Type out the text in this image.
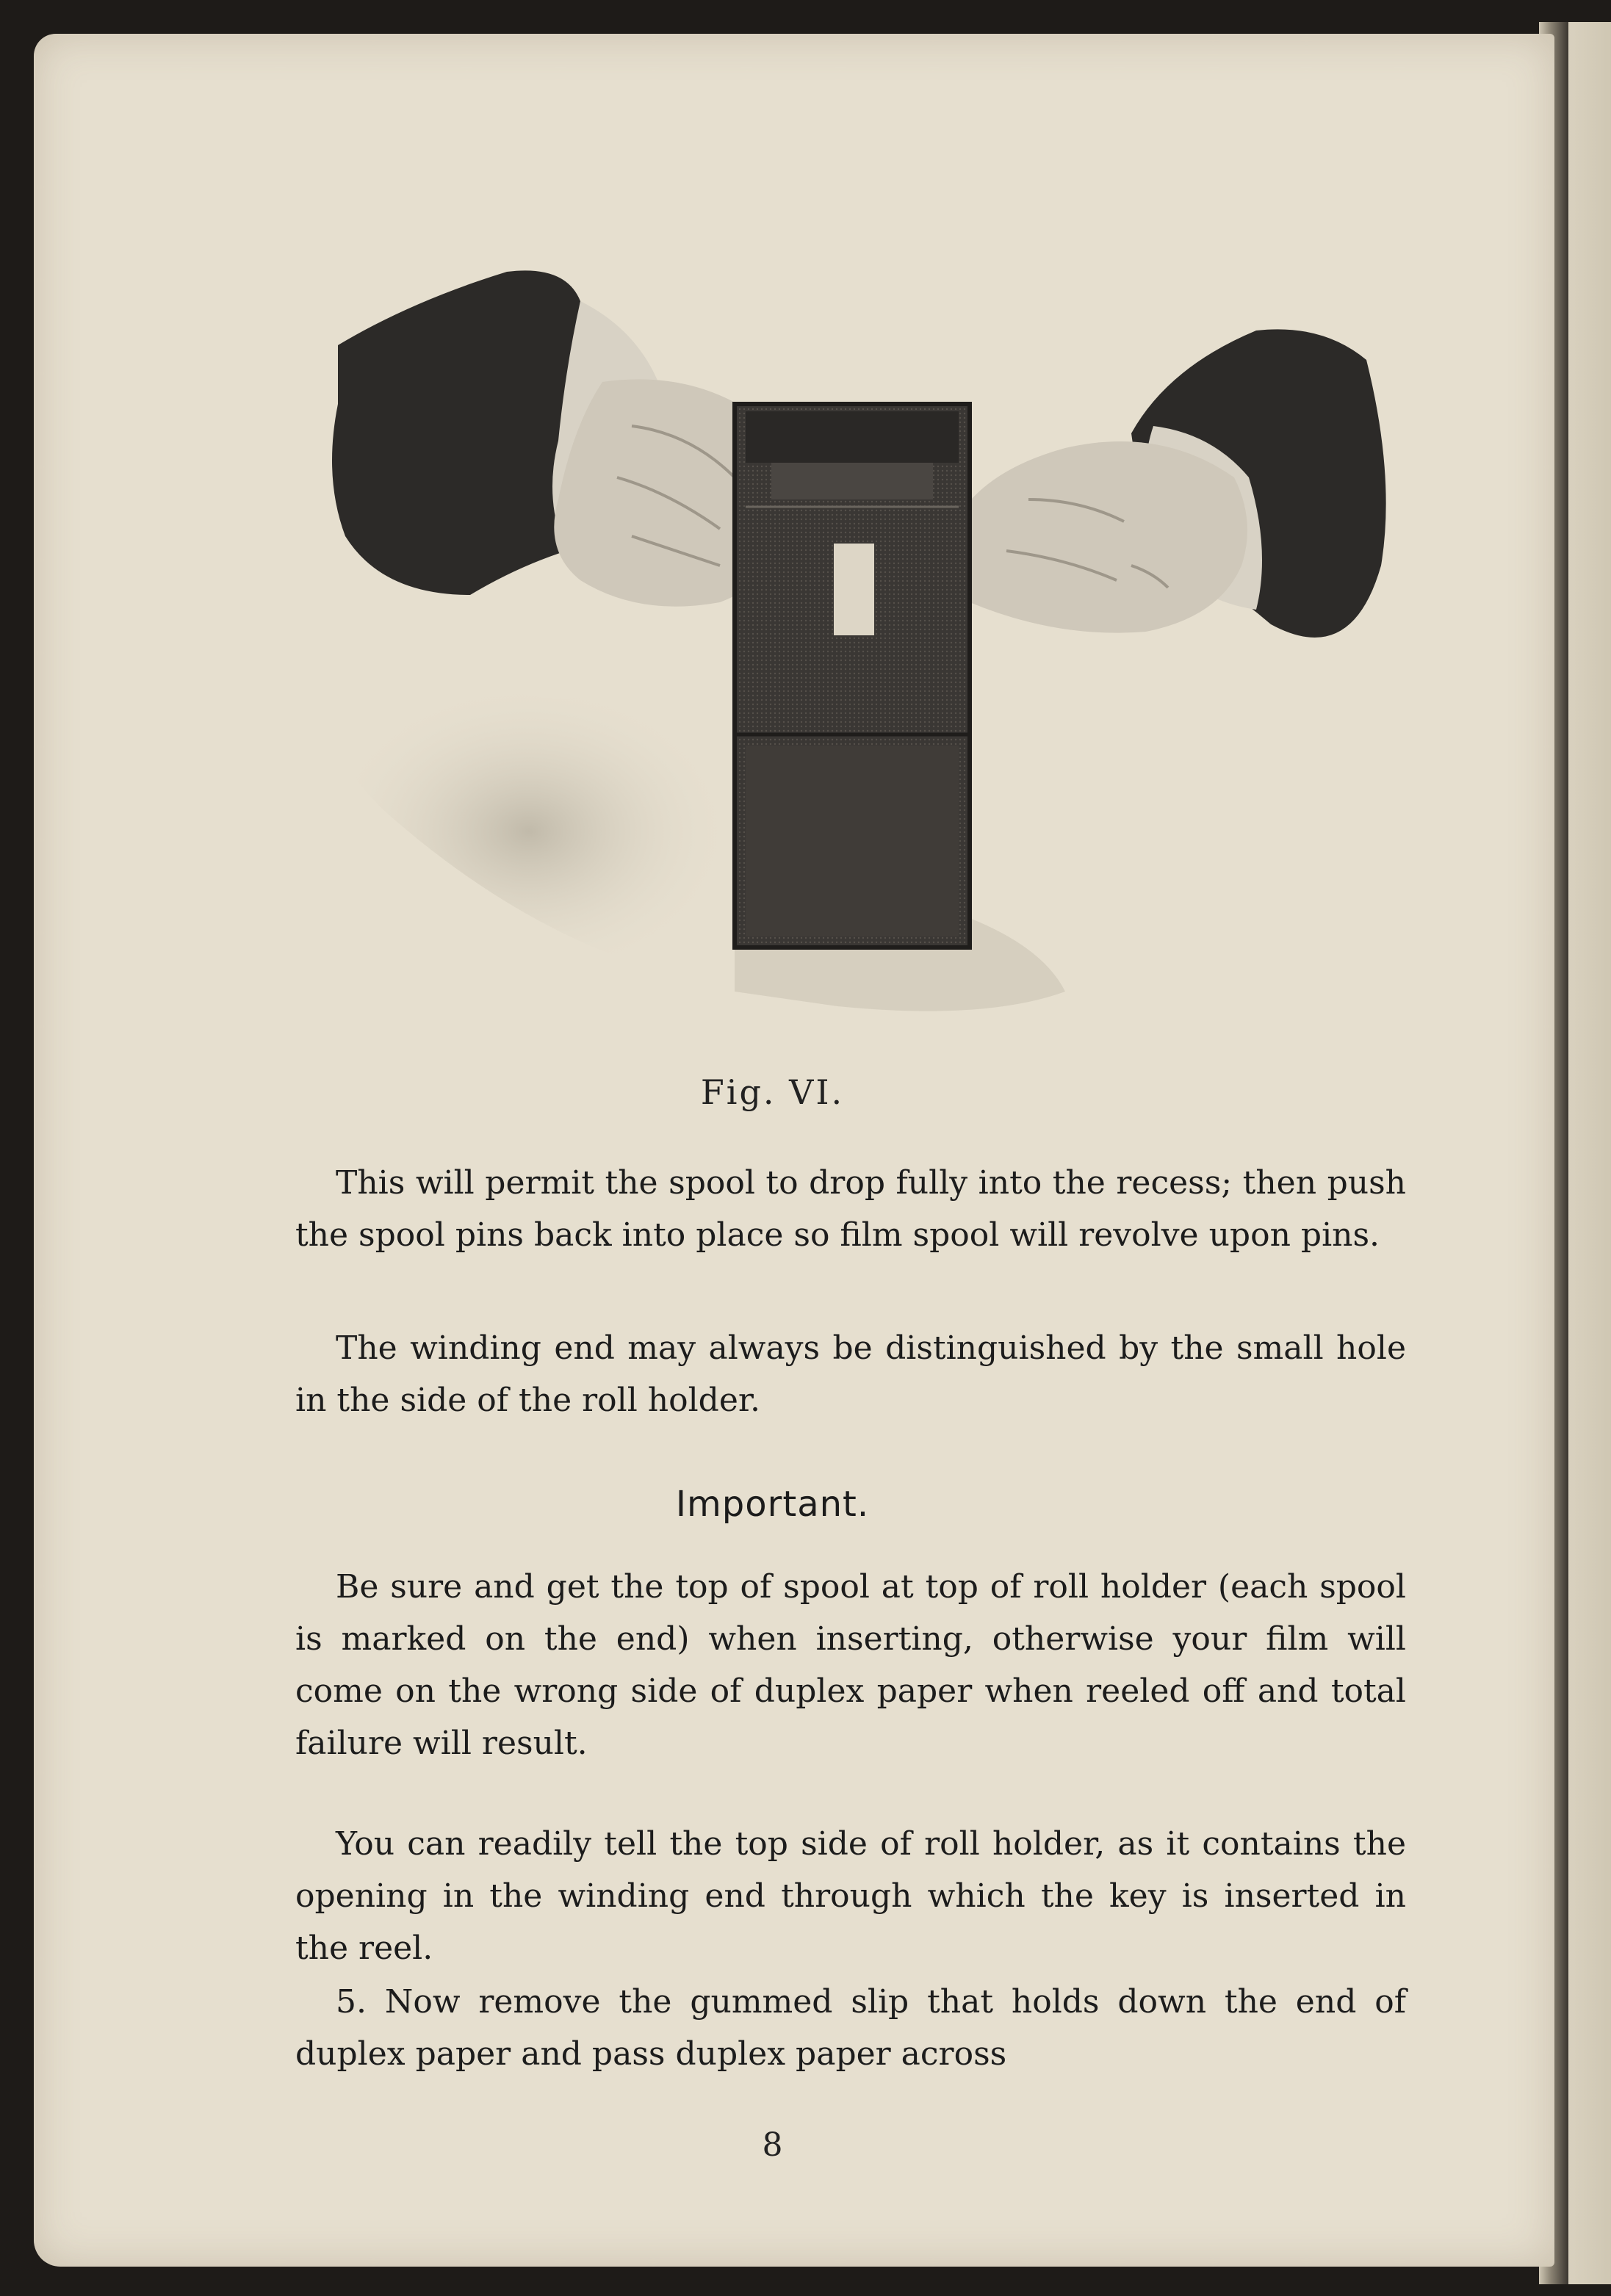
Fig. VI.

This will permit the spool to drop fully into the recess; then push the spool pins back into place so film spool will revolve upon pins.

The winding end may always be distinguished by the small hole in the side of the roll holder.

Important.

Be sure and get the top of spool at top of roll holder (each spool is marked on the end) when inserting, otherwise your film will come on the wrong side of duplex paper when reeled off and total failure will result.

You can readily tell the top side of roll holder, as it contains the opening in the winding end through which the key is inserted in the reel.

5. Now remove the gummed slip that holds down the end of duplex paper and pass duplex paper across

8
